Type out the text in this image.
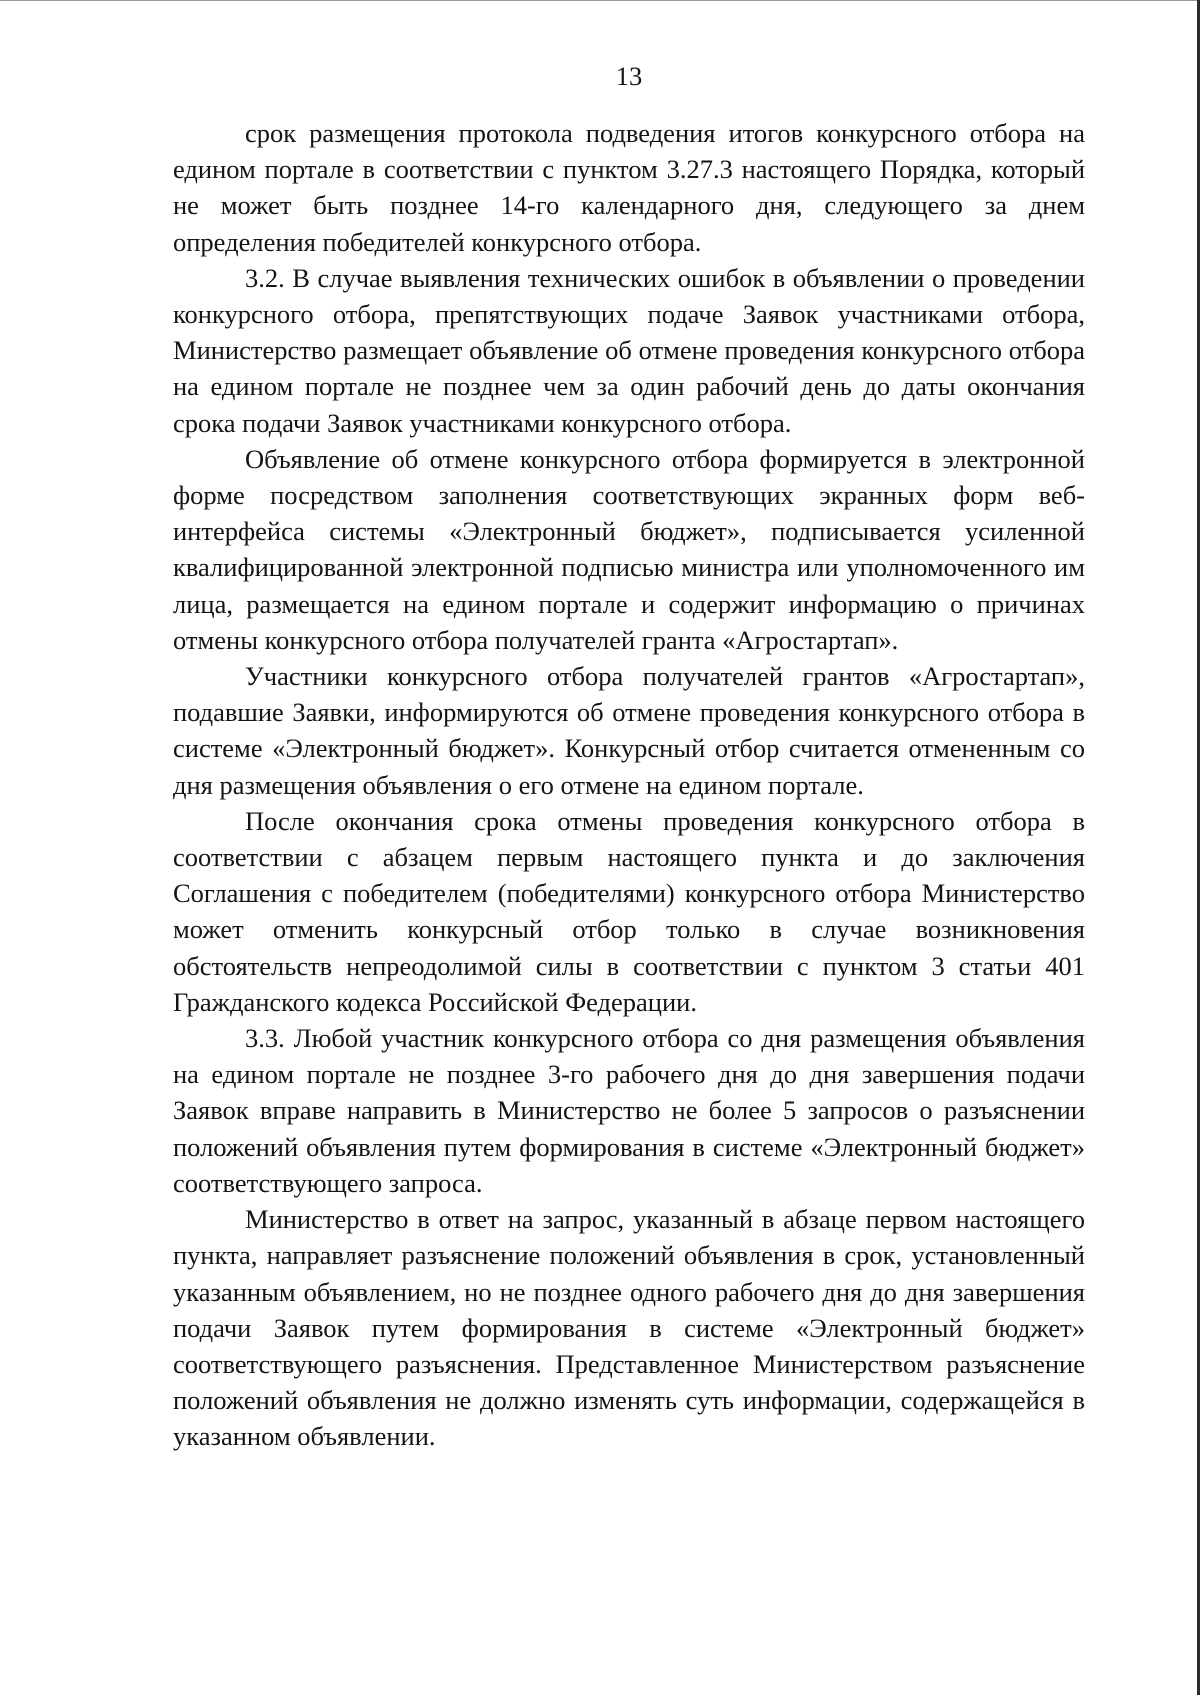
13

срок размещения протокола подведения итогов конкурсного отбора на едином портале в соответствии с пунктом 3.27.3 настоящего Порядка, который не может быть позднее 14-го календарного дня, следующего за днем определения победителей конкурсного отбора.

3.2. В случае выявления технических ошибок в объявлении о проведении конкурсного отбора, препятствующих подаче Заявок участниками отбора, Министерство размещает объявление об отмене проведения конкурсного отбора на едином портале не позднее чем за один рабочий день до даты окончания срока подачи Заявок участниками конкурсного отбора.

Объявление об отмене конкурсного отбора формируется в электронной форме посредством заполнения соответствующих экранных форм веб-интерфейса системы «Электронный бюджет», подписывается усиленной квалифицированной электронной подписью министра или уполномоченного им лица, размещается на едином портале и содержит информацию о причинах отмены конкурсного отбора получателей гранта «Агростартап».

Участники конкурсного отбора получателей грантов «Агростартап», подавшие Заявки, информируются об отмене проведения конкурсного отбора в системе «Электронный бюджет». Конкурсный отбор считается отмененным со дня размещения объявления о его отмене на едином портале.

После окончания срока отмены проведения конкурсного отбора в соответствии с абзацем первым настоящего пункта и до заключения Соглашения с победителем (победителями) конкурсного отбора Министерство может отменить конкурсный отбор только в случае возникновения обстоятельств непреодолимой силы в соответствии с пунктом 3 статьи 401 Гражданского кодекса Российской Федерации.

3.3. Любой участник конкурсного отбора со дня размещения объявления на едином портале не позднее 3-го рабочего дня до дня завершения подачи Заявок вправе направить в Министерство не более 5 запросов о разъяснении положений объявления путем формирования в системе «Электронный бюджет» соответствующего запроса.

Министерство в ответ на запрос, указанный в абзаце первом настоящего пункта, направляет разъяснение положений объявления в срок, установленный указанным объявлением, но не позднее одного рабочего дня до дня завершения подачи Заявок путем формирования в системе «Электронный бюджет» соответствующего разъяснения. Представленное Министерством разъяснение положений объявления не должно изменять суть информации, содержащейся в указанном объявлении.
